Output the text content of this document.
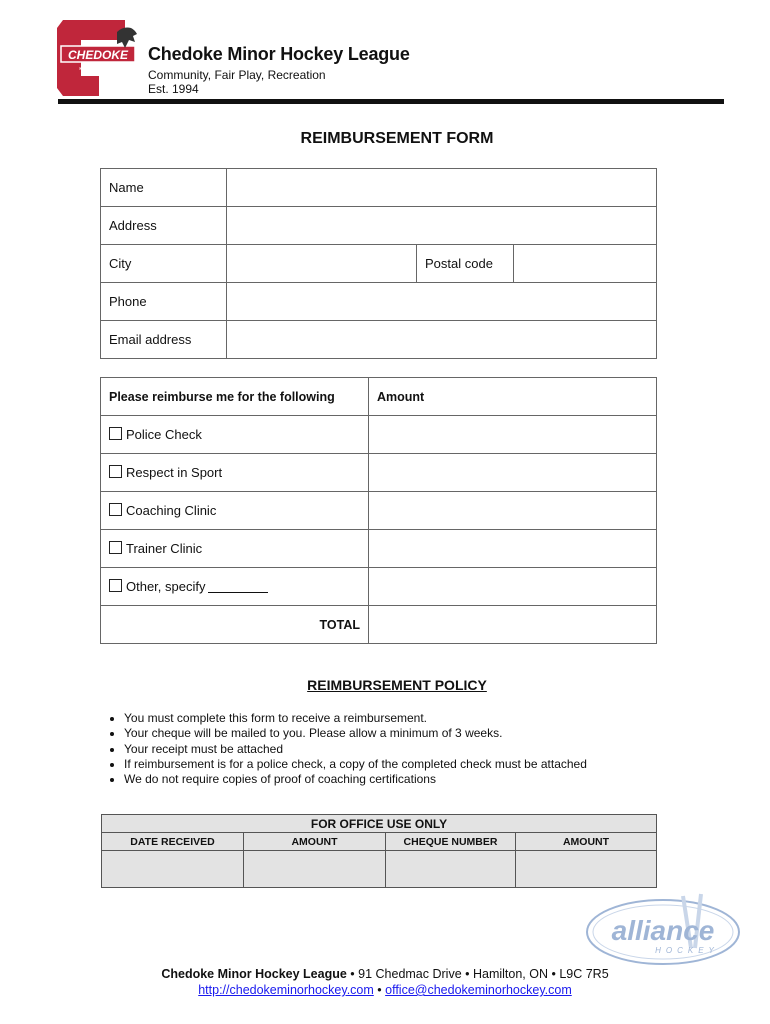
CHEDOKE
HOCKEY
Chedoke Minor Hockey League
Community, Fair Play, Recreation
Est. 1994
REIMBURSEMENT FORM
Name			
Address			
City		Postal code	
Phone			
Email address			
Please reimburse me for the following	Amount
Police Check	
Respect in Sport	
Coaching Clinic	
Trainer Clinic	
Other, specify	
TOTAL	
REIMBURSEMENT POLICY
• You must complete this form to receive a reimbursement.
• Your cheque will be mailed to you. Please allow a minimum of 3 weeks.
• Your receipt must be attached
• If reimbursement is for a police check, a copy of the completed check must be attached
• We do not require copies of proof of coaching certifications
FOR OFFICE USE ONLY			
DATE RECEIVED	AMOUNT	CHEQUE NUMBER	AMOUNT

alliance
HOCKEY
Chedoke Minor Hockey League • 91 Chedmac Drive • Hamilton, ON • L9C 7R5
http://chedokeminorhockey.com • office@chedokeminorhockey.com
